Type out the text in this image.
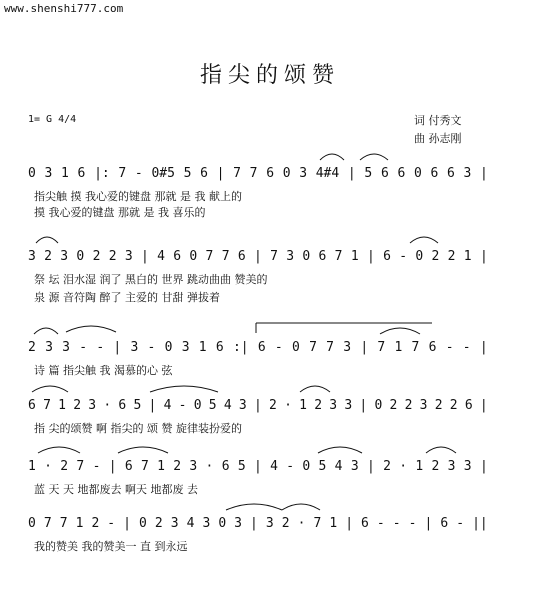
www.shenshi777.com
指尖的颂赞
1= G 4/4	词 付秀文
曲 孙志刚
0 3 1 6 |: 7 - 0#5 5 6 | 7 7 6 0 3 4#4 | 5 6 6 0 6 6 3 |
指尖触 摸 我心爱的键盘 那就 是 我 献上的
摸 我心爱的键盘 那就 是 我 喜乐的
3 2 3 0 2 2 3 | 4 6 0 7 7 6 | 7 3 0 6 7 1 | 6 - 0 2 2 1 |
祭 坛 泪水湿 润了 黑白的 世界 跳动曲曲 赞美的
泉 源 音符陶 醉了 主爱的 甘甜 弹拔着
2 3 3 - - | 3 - 0 3 1 6 :| 6 - 0 7 7 3 | 7 1 7 6 - - |
诗 篇 指尖触 我 渴慕的心 弦
6 7 1 2 3 · 6 5 | 4 - 0 5 4 3 | 2 · 1 2 3 3 | 0 2 2 3 2 2 6 |
指 尖的颂赞 啊 指尖的 颂 赞 旋律装扮爱的
1 · 2 7 - | 6 7 1 2 3 · 6 5 | 4 - 0 5 4 3 | 2 · 1 2 3 3 |
蓝 天 天 地都废去 啊天 地都废 去
0 7 7 1 2 - | 0 2 3 4 3 0 3 | 3 2 · 7 1 | 6 - - - | 6 - ||
我的赞美 我的赞美一 直 到永远
